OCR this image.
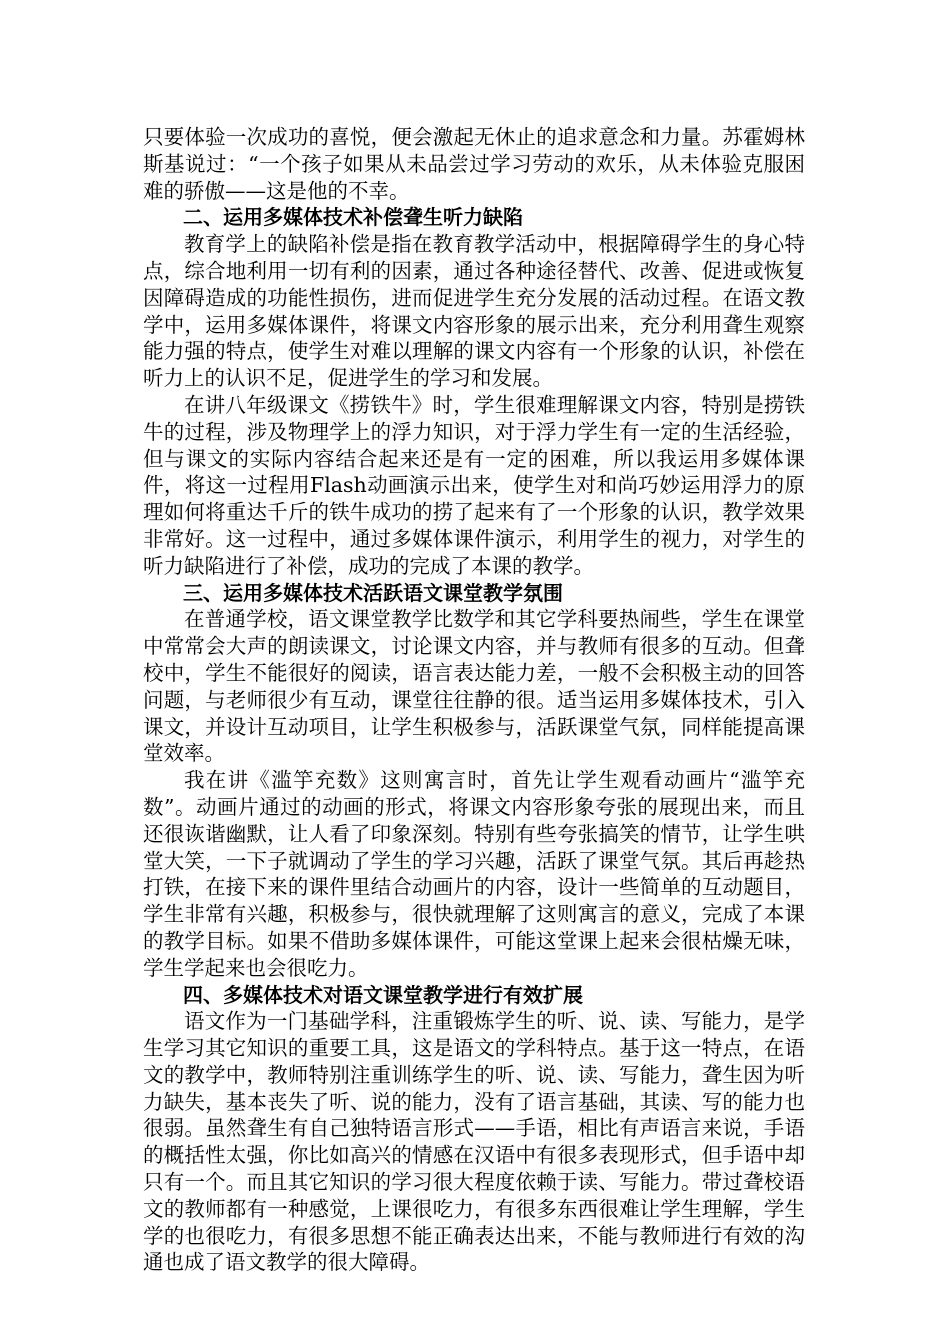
只要体验一次成功的喜悦，便会激起无休止的追求意念和力量。苏霍姆林斯基说过：“一个孩子如果从未品尝过学习劳动的欢乐，从未体验克服困难的骄傲——这是他的不幸。

二、运用多媒体技术补偿聋生听力缺陷

教育学上的缺陷补偿是指在教育教学活动中，根据障碍学生的身心特点，综合地利用一切有利的因素，通过各种途径替代、改善、促进或恢复因障碍造成的功能性损伤，进而促进学生充分发展的活动过程。在语文教学中，运用多媒体课件，将课文内容形象的展示出来，充分利用聋生观察能力强的特点，使学生对难以理解的课文内容有一个形象的认识，补偿在听力上的认识不足，促进学生的学习和发展。

在讲八年级课文《捞铁牛》时，学生很难理解课文内容，特别是捞铁牛的过程，涉及物理学上的浮力知识，对于浮力学生有一定的生活经验，但与课文的实际内容结合起来还是有一定的困难，所以我运用多媒体课件，将这一过程用Flash动画演示出来，使学生对和尚巧妙运用浮力的原理如何将重达千斤的铁牛成功的捞了起来有了一个形象的认识，教学效果非常好。这一过程中，通过多媒体课件演示，利用学生的视力，对学生的听力缺陷进行了补偿，成功的完成了本课的教学。

三、运用多媒体技术活跃语文课堂教学氛围

在普通学校，语文课堂教学比数学和其它学科要热闹些，学生在课堂中常常会大声的朗读课文，讨论课文内容，并与教师有很多的互动。但聋校中，学生不能很好的阅读，语言表达能力差，一般不会积极主动的回答问题，与老师很少有互动，课堂往往静的很。适当运用多媒体技术，引入课文，并设计互动项目，让学生积极参与，活跃课堂气氛，同样能提高课堂效率。

我在讲《滥竽充数》这则寓言时，首先让学生观看动画片“滥竽充数”。动画片通过的动画的形式，将课文内容形象夸张的展现出来，而且还很诙谐幽默，让人看了印象深刻。特别有些夸张搞笑的情节，让学生哄堂大笑，一下子就调动了学生的学习兴趣，活跃了课堂气氛。其后再趁热打铁，在接下来的课件里结合动画片的内容，设计一些简单的互动题目，学生非常有兴趣，积极参与，很快就理解了这则寓言的意义，完成了本课的教学目标。如果不借助多媒体课件，可能这堂课上起来会很枯燥无味，学生学起来也会很吃力。

四、多媒体技术对语文课堂教学进行有效扩展

语文作为一门基础学科，注重锻炼学生的听、说、读、写能力，是学生学习其它知识的重要工具，这是语文的学科特点。基于这一特点，在语文的教学中，教师特别注重训练学生的听、说、读、写能力，聋生因为听力缺失，基本丧失了听、说的能力，没有了语言基础，其读、写的能力也很弱。虽然聋生有自己独特语言形式——手语，相比有声语言来说，手语的概括性太强，你比如高兴的情感在汉语中有很多表现形式，但手语中却只有一个。而且其它知识的学习很大程度依赖于读、写能力。带过聋校语文的教师都有一种感觉，上课很吃力，有很多东西很难让学生理解，学生学的也很吃力，有很多思想不能正确表达出来，不能与教师进行有效的沟通也成了语文教学的很大障碍。
